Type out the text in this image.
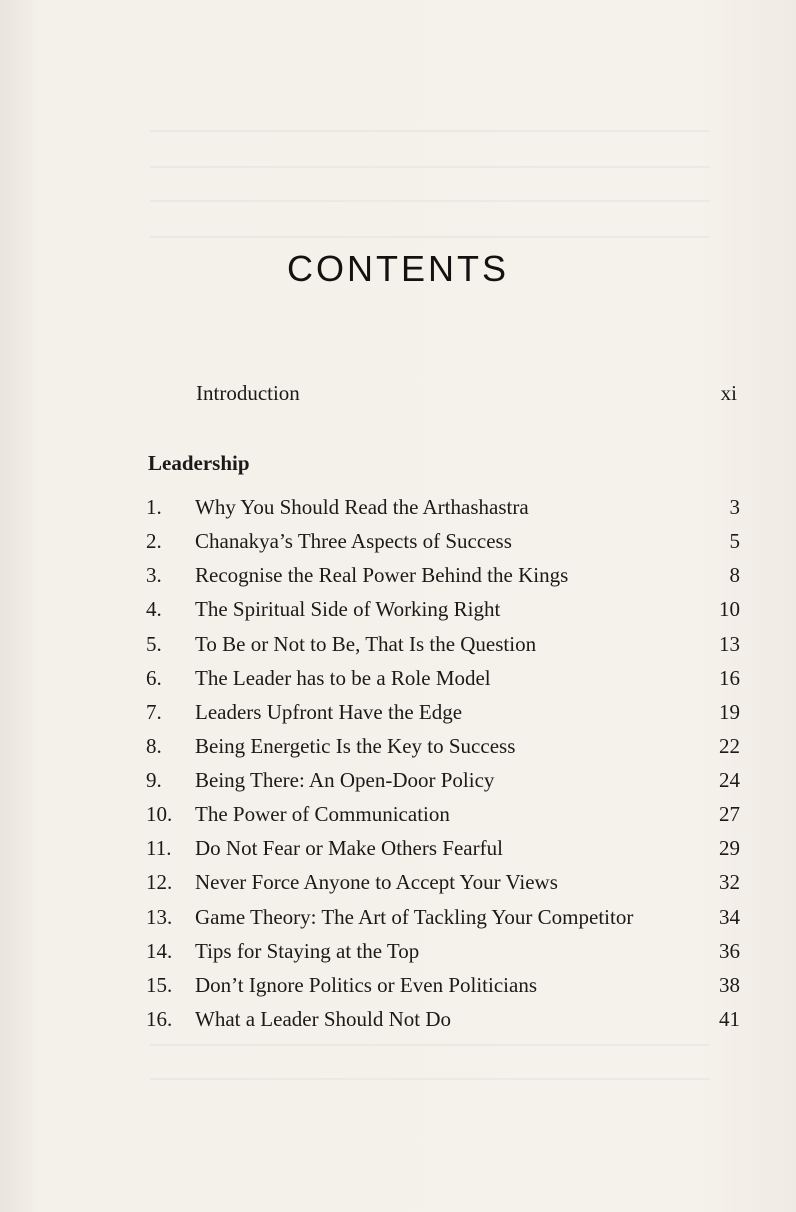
CONTENTS
Introduction	xi
Leadership
1.	Why You Should Read the Arthashastra	3
2.	Chanakya’s Three Aspects of Success	5
3.	Recognise the Real Power Behind the Kings	8
4.	The Spiritual Side of Working Right	10
5.	To Be or Not to Be, That Is the Question	13
6.	The Leader has to be a Role Model	16
7.	Leaders Upfront Have the Edge	19
8.	Being Energetic Is the Key to Success	22
9.	Being There: An Open-Door Policy	24
10.	The Power of Communication	27
11.	Do Not Fear or Make Others Fearful	29
12.	Never Force Anyone to Accept Your Views	32
13.	Game Theory: The Art of Tackling Your Competitor	34
14.	Tips for Staying at the Top	36
15.	Don’t Ignore Politics or Even Politicians	38
16.	What a Leader Should Not Do	41
